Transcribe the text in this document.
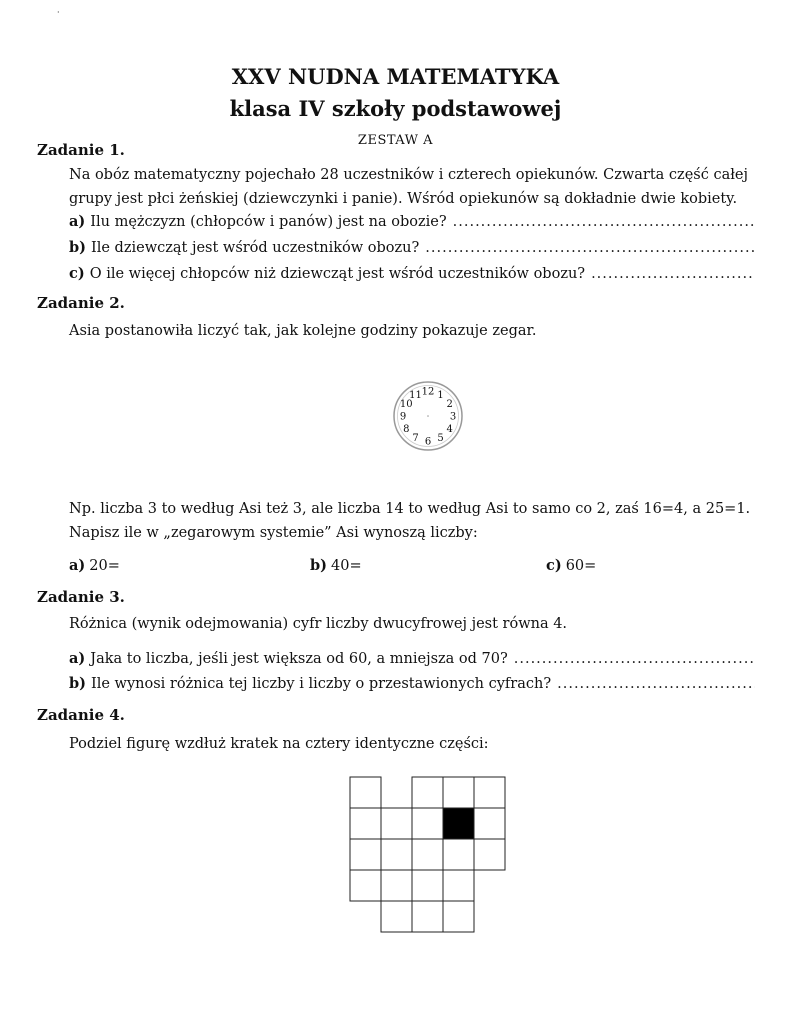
·
XXV NUDNA MATEMATYKA
klasa IV szkoły podstawowej
ZESTAW A
Zadanie 1.
Na obóz matematyczny pojechało 28 uczestników i czterech opiekunów. Czwarta część całej grupy jest płci żeńskiej (dziewczynki i panie). Wśród opiekunów są dokładnie dwie kobiety.
a) Ilu mężczyzn (chłopców i panów) jest na obozie?
.....
b) Ile dziewcząt jest wśród uczestników obozu?
.....
c) O ile więcej chłopców niż dziewcząt jest wśród uczestników obozu?
.....
Zadanie 2.
Asia postanowiła liczyć tak, jak kolejne godziny pokazuje zegar.
12 1
2
3
4
5
6
7
8
9
10
11
Np. liczba 3 to według Asi też 3, ale liczba 14 to według Asi to samo co 2, zaś 16=4, a 25=1. Napisz ile w „zegarowym systemie” Asi wynoszą liczby:
a) 20=	b) 40=	c) 60=
Zadanie 3.
Różnica (wynik odejmowania) cyfr liczby dwucyfrowej jest równa 4.
a) Jaka to liczba, jeśli jest większa od 60, a mniejsza od 70?
.....
b) Ile wynosi różnica tej liczby i liczby o przestawionych cyfrach?
.....
Zadanie 4.
Podziel figurę wzdłuż kratek na cztery identyczne części:
